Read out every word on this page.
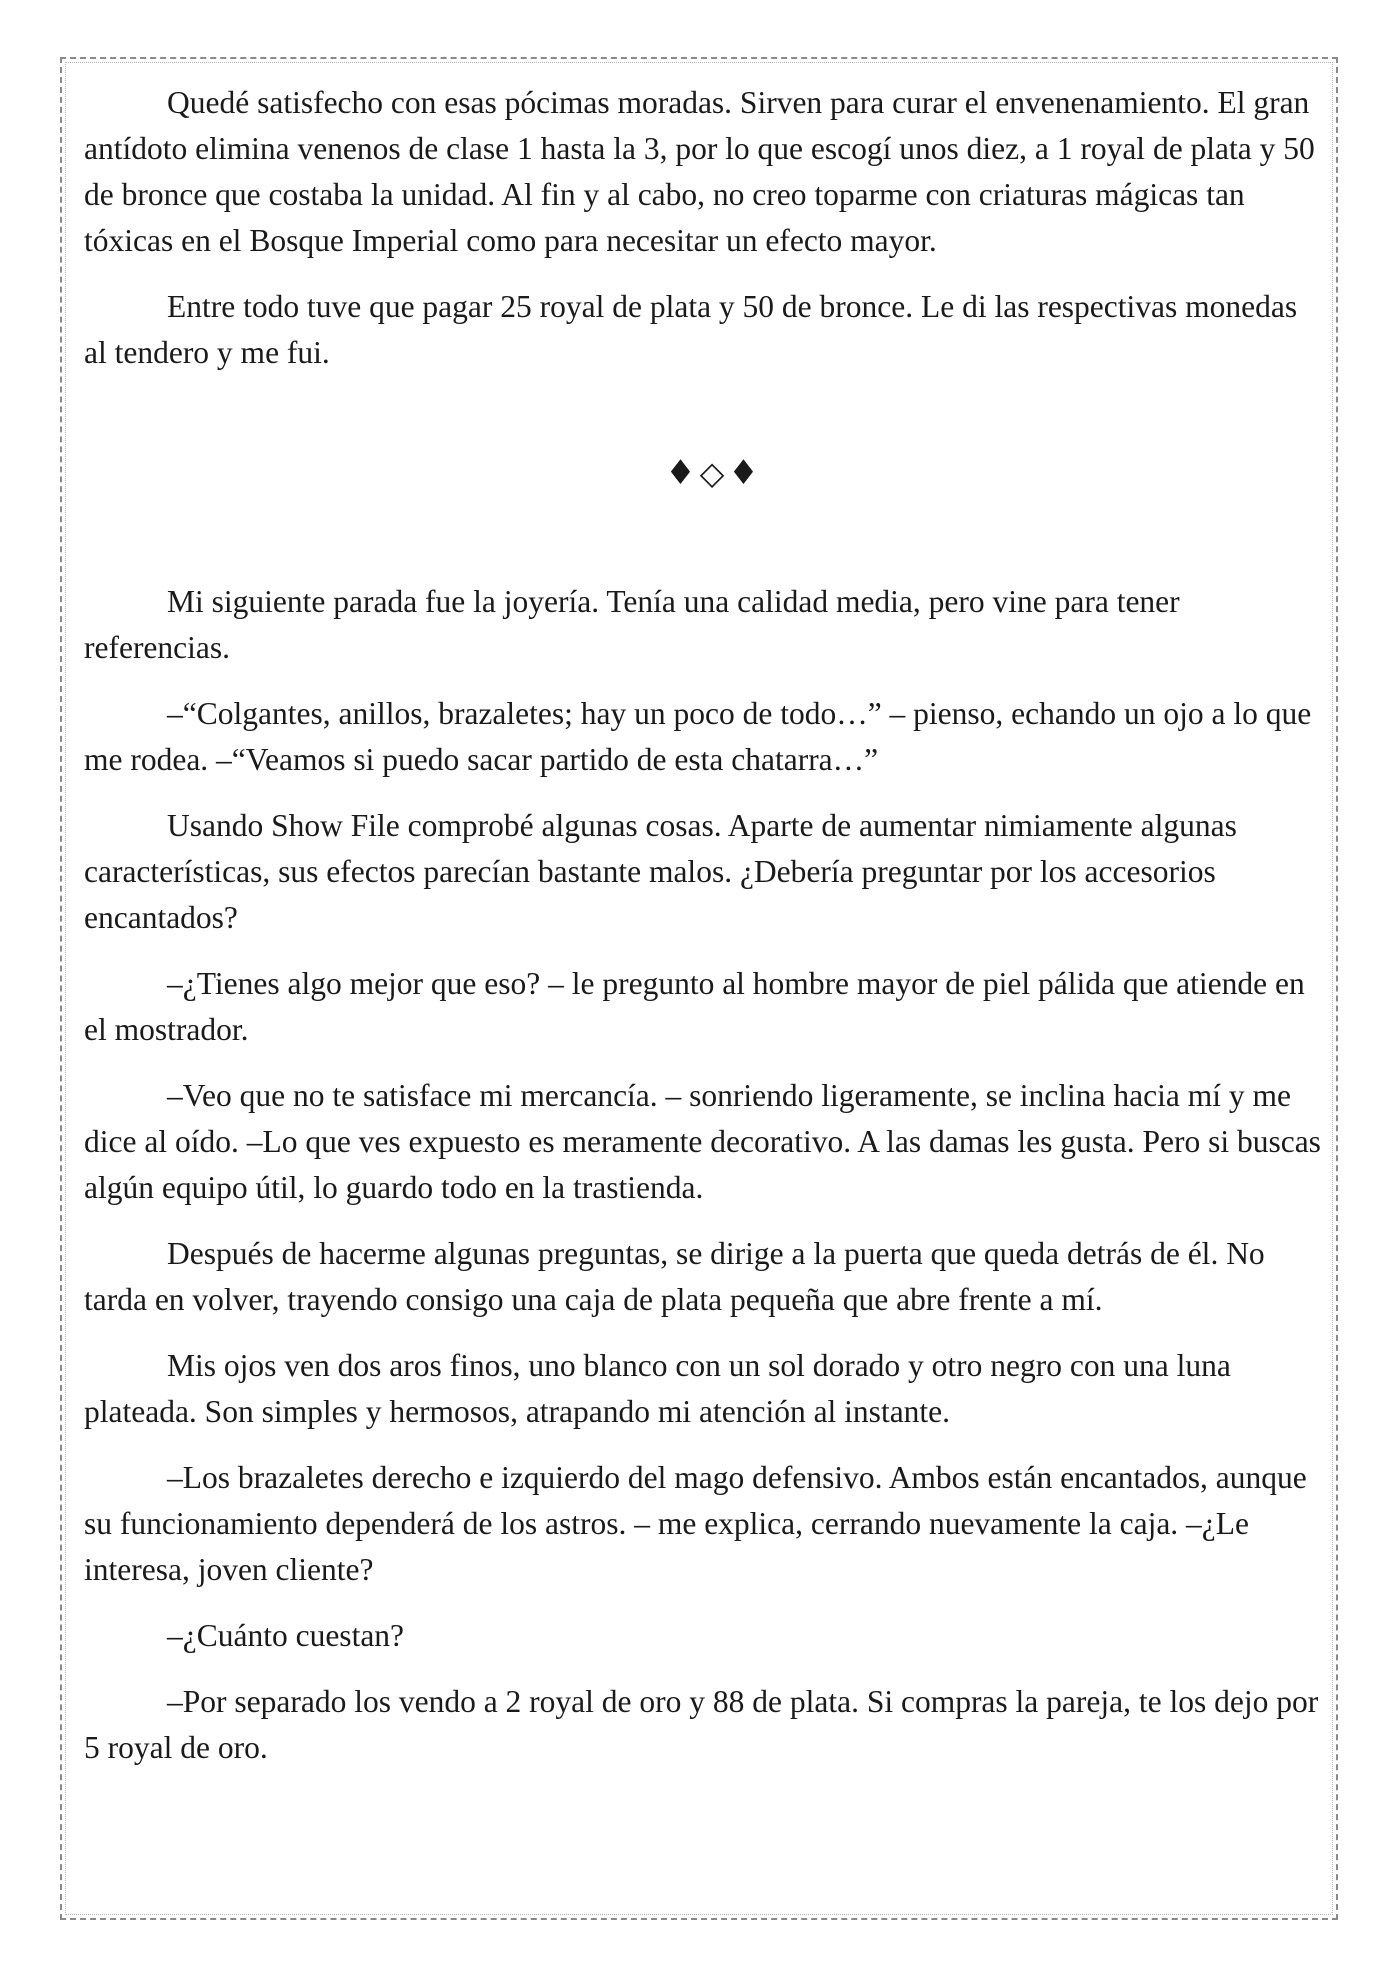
Quedé satisfecho con esas pócimas moradas. Sirven para curar el envenenamiento. El gran antídoto elimina venenos de clase 1 hasta la 3, por lo que escogí unos diez, a 1 royal de plata y 50 de bronce que costaba la unidad. Al fin y al cabo, no creo toparme con criaturas mágicas tan tóxicas en el Bosque Imperial como para necesitar un efecto mayor.

Entre todo tuve que pagar 25 royal de plata y 50 de bronce. Le di las respectivas monedas al tendero y me fui.

♦◇♦

Mi siguiente parada fue la joyería. Tenía una calidad media, pero vine para tener referencias.

–“Colgantes, anillos, brazaletes; hay un poco de todo…” – pienso, echando un ojo a lo que me rodea. –“Veamos si puedo sacar partido de esta chatarra…”

Usando Show File comprobé algunas cosas. Aparte de aumentar nimiamente algunas características, sus efectos parecían bastante malos. ¿Debería preguntar por los accesorios encantados?

–¿Tienes algo mejor que eso? – le pregunto al hombre mayor de piel pálida que atiende en el mostrador.

–Veo que no te satisface mi mercancía. – sonriendo ligeramente, se inclina hacia mí y me dice al oído. –Lo que ves expuesto es meramente decorativo. A las damas les gusta. Pero si buscas algún equipo útil, lo guardo todo en la trastienda.

Después de hacerme algunas preguntas, se dirige a la puerta que queda detrás de él. No tarda en volver, trayendo consigo una caja de plata pequeña que abre frente a mí.

Mis ojos ven dos aros finos, uno blanco con un sol dorado y otro negro con una luna plateada. Son simples y hermosos, atrapando mi atención al instante.

–Los brazaletes derecho e izquierdo del mago defensivo. Ambos están encantados, aunque su funcionamiento dependerá de los astros. – me explica, cerrando nuevamente la caja. –¿Le interesa, joven cliente?

–¿Cuánto cuestan?

–Por separado los vendo a 2 royal de oro y 88 de plata. Si compras la pareja, te los dejo por 5 royal de oro.
